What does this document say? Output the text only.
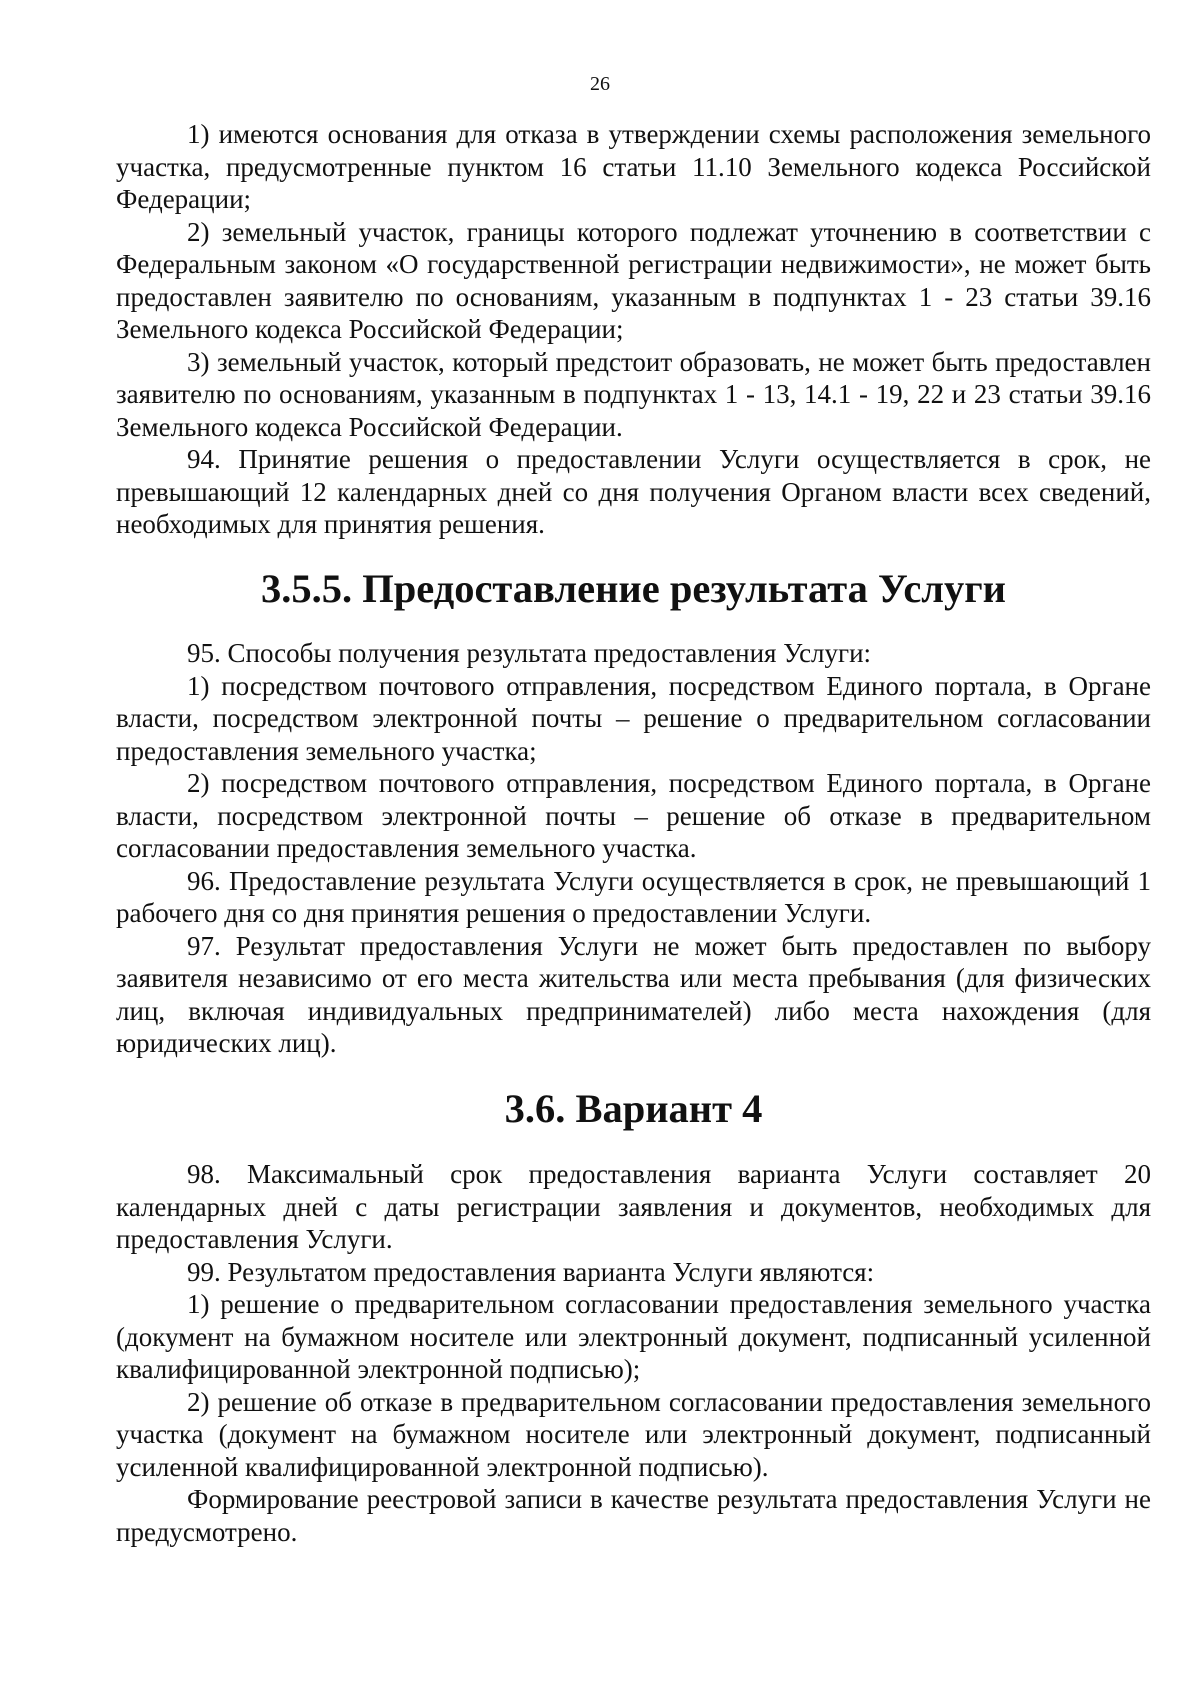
26

1) имеются основания для отказа в утверждении схемы расположения земельного участка, предусмотренные пунктом 16 статьи 11.10 Земельного кодекса Российской Федерации;

2) земельный участок, границы которого подлежат уточнению в соответствии с Федеральным законом «О государственной регистрации недвижимости», не может быть предоставлен заявителю по основаниям, указанным в подпунктах 1 - 23 статьи 39.16 Земельного кодекса Российской Федерации;

3) земельный участок, который предстоит образовать, не может быть предоставлен заявителю по основаниям, указанным в подпунктах 1 - 13, 14.1 - 19, 22 и 23 статьи 39.16 Земельного кодекса Российской Федерации.

94. Принятие решения о предоставлении Услуги осуществляется в срок, не превышающий 12 календарных дней со дня получения Органом власти всех сведений, необходимых для принятия решения.

3.5.5. Предоставление результата Услуги

95. Способы получения результата предоставления Услуги:

1) посредством почтового отправления, посредством Единого портала, в Органе власти, посредством электронной почты – решение о предварительном согласовании предоставления земельного участка;

2) посредством почтового отправления, посредством Единого портала, в Органе власти, посредством электронной почты – решение об отказе в предварительном согласовании предоставления земельного участка.

96. Предоставление результата Услуги осуществляется в срок, не превышающий 1 рабочего дня со дня принятия решения о предоставлении Услуги.

97. Результат предоставления Услуги не может быть предоставлен по выбору заявителя независимо от его места жительства или места пребывания (для физических лиц, включая индивидуальных предпринимателей) либо места нахождения (для юридических лиц).

3.6. Вариант 4

98. Максимальный срок предоставления варианта Услуги составляет 20 календарных дней с даты регистрации заявления и документов, необходимых для предоставления Услуги.

99. Результатом предоставления варианта Услуги являются:

1) решение о предварительном согласовании предоставления земельного участка (документ на бумажном носителе или электронный документ, подписанный усиленной квалифицированной электронной подписью);

2) решение об отказе в предварительном согласовании предоставления земельного участка (документ на бумажном носителе или электронный документ, подписанный усиленной квалифицированной электронной подписью).

Формирование реестровой записи в качестве результата предоставления Услуги не предусмотрено.
